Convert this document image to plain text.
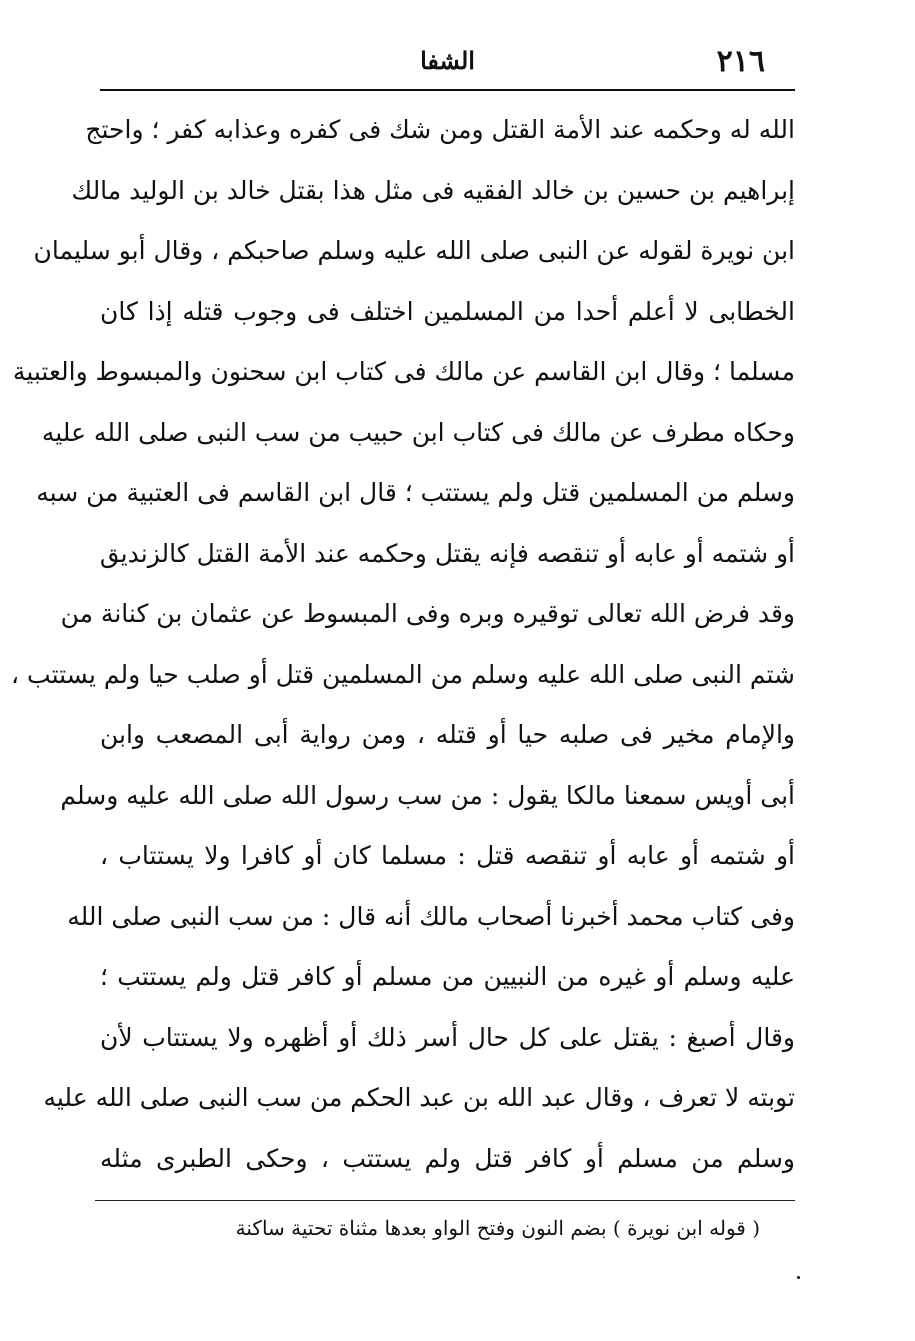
٢١٦
الشفا
الله له وحكمه عند الأمة القتل ومن شك فى كفره وعذابه كفر ؛ واحتج
إبراهيم بن حسين بن خالد الفقيه فى مثل هذا بقتل خالد بن الوليد مالك
ابن نويرة لقوله عن النبى صلى الله عليه وسلم صاحبكم ، وقال أبو سليمان
الخطابى لا أعلم أحدا من المسلمين اختلف فى وجوب قتله إذا كان
مسلما ؛ وقال ابن القاسم عن مالك فى كتاب ابن سحنون والمبسوط والعتبية
وحكاه مطرف عن مالك فى كتاب ابن حبيب من سب النبى صلى الله عليه
وسلم من المسلمين قتل ولم يستتب ؛ قال ابن القاسم فى العتبية من سبه
أو شتمه أو عابه أو تنقصه فإنه يقتل وحكمه عند الأمة القتل كالزنديق
وقد فرض الله تعالى توقيره وبره وفى المبسوط عن عثمان بن كنانة من
شتم النبى صلى الله عليه وسلم من المسلمين قتل أو صلب حيا ولم يستتب ،
والإمام مخير فى صلبه حيا أو قتله ، ومن رواية أبى المصعب وابن
أبى أويس سمعنا مالكا يقول : من سب رسول الله صلى الله عليه وسلم
أو شتمه أو عابه أو تنقصه قتل : مسلما كان أو كافرا ولا يستتاب ،
وفى كتاب محمد أخبرنا أصحاب مالك أنه قال : من سب النبى صلى الله
عليه وسلم أو غيره من النبيين من مسلم أو كافر قتل ولم يستتب ؛
وقال أصبغ : يقتل على كل حال أسر ذلك أو أظهره ولا يستتاب لأن
توبته لا تعرف ، وقال عبد الله بن عبد الحكم من سب النبى صلى الله عليه
وسلم من مسلم أو كافر قتل ولم يستتب ، وحكى الطبرى مثله
( قوله ابن نويرة ) بضم النون وفتح الواو بعدها مثناة تحتية ساكنة
